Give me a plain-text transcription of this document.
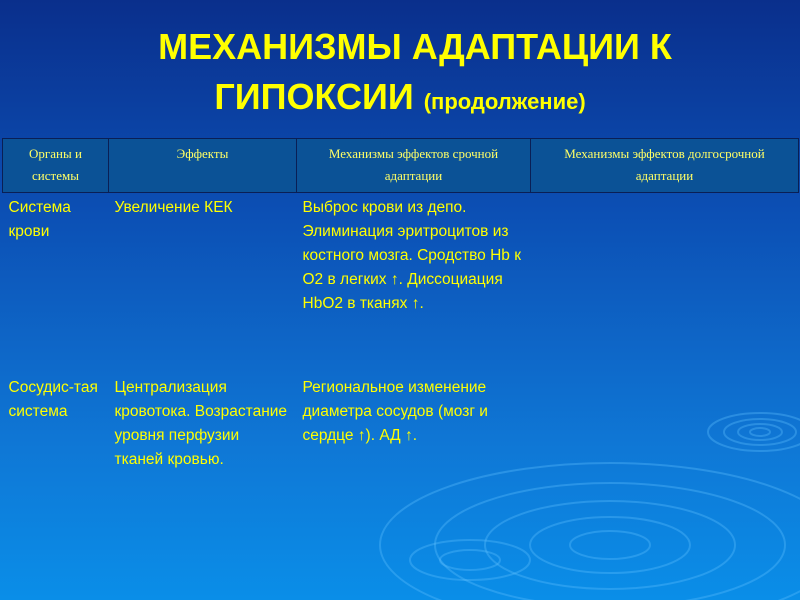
МЕХАНИЗМЫ АДАПТАЦИИ К
ГИПОКСИИ (продолжение)
Органы и системы	Эффекты	Механизмы эффектов срочной адаптации	Механизмы эффектов долгосрочной адаптации
Система крови	Увеличение КЕК	Выброс крови из депо. Элиминация эритроцитов из костного мозга. Сродство Hb к О2 в легких ↑. Диссоциация HbO2 в тканях ↑.	
Сосудис-тая система	Централизация кровотока. Возрастание уровня перфузии тканей кровью.	Региональное изменение диаметра сосудов (мозг и сердце ↑). АД ↑.	
